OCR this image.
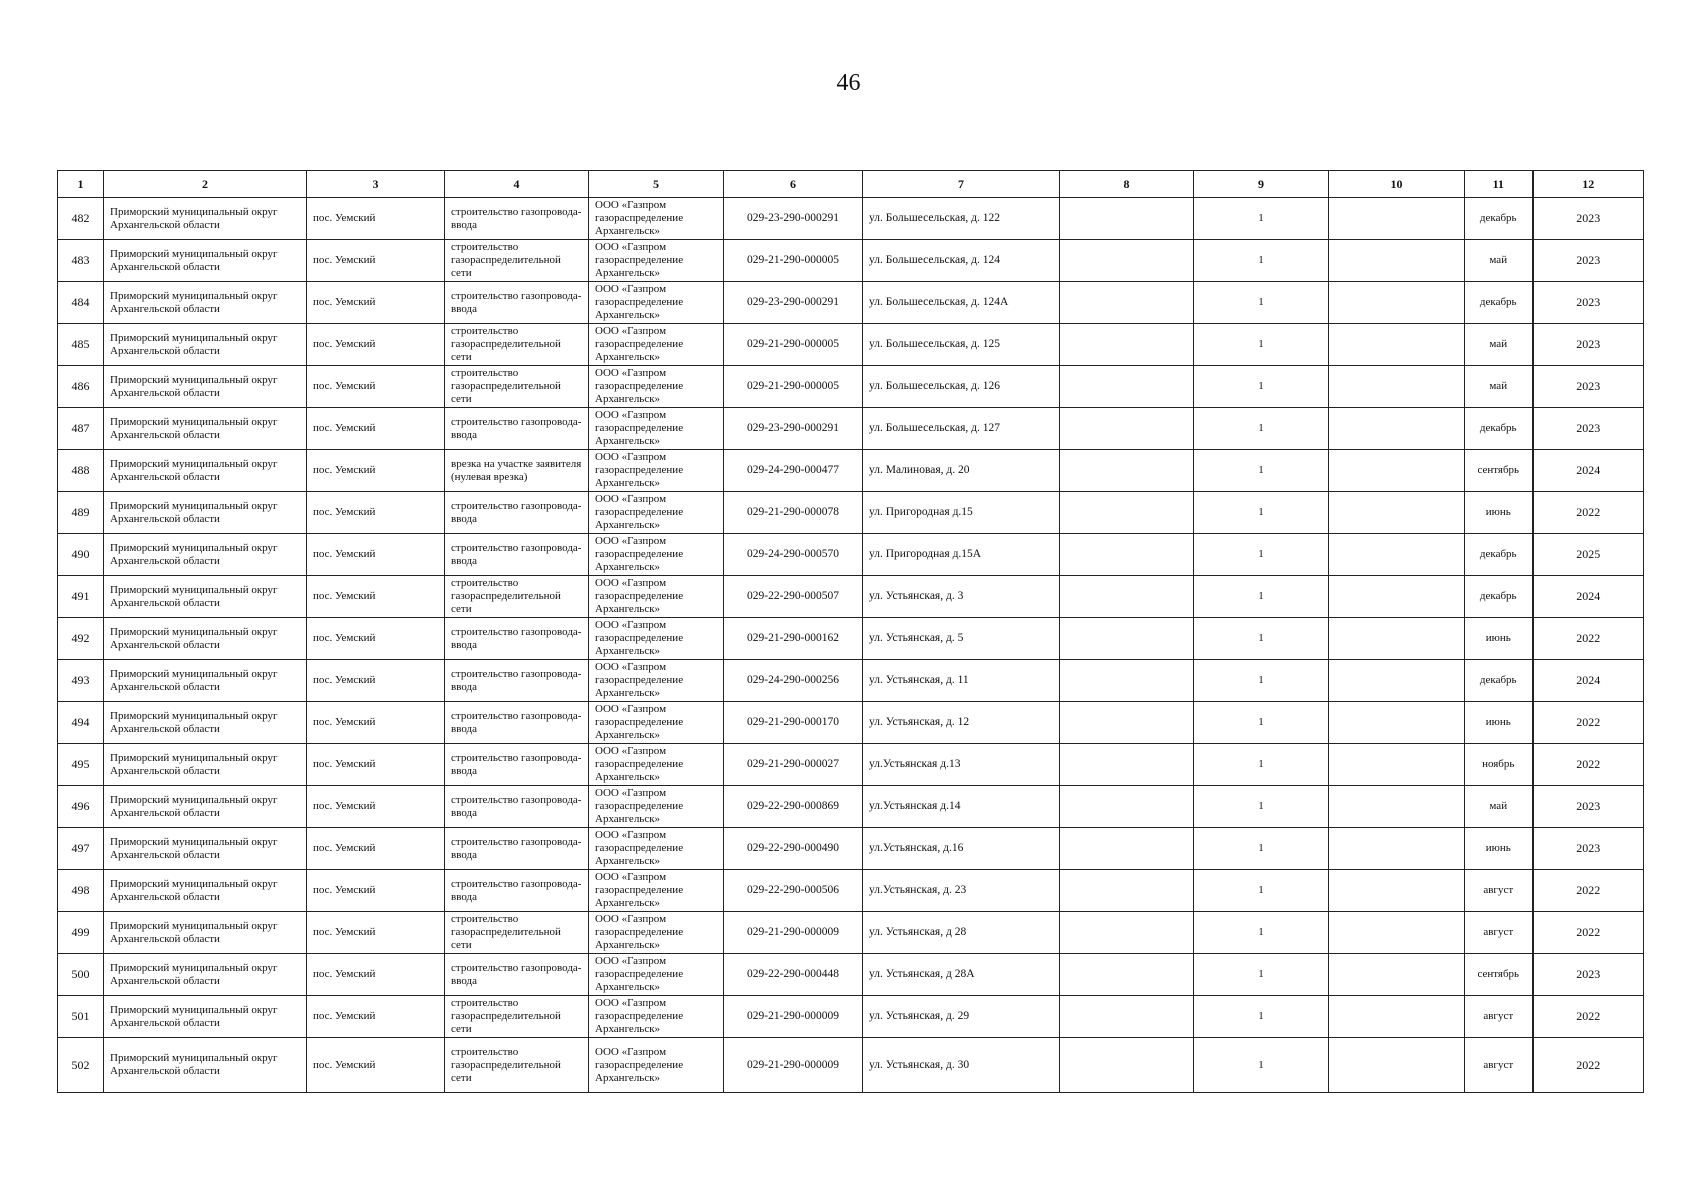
46
1	2	3	4	5	6	7	8	9	10	11	12
482	Приморский муниципальный округ Архангельской области	пос. Уемский	строительство газопровода-ввода	ООО «Газпром газораспределение Архангельск»	029-23-290-000291	ул. Большесельская, д. 122		1		декабрь	2023
483	Приморский муниципальный округ Архангельской области	пос. Уемский	строительство газораспределительной сети	ООО «Газпром газораспределение Архангельск»	029-21-290-000005	ул. Большесельская, д. 124		1		май	2023
484	Приморский муниципальный округ Архангельской области	пос. Уемский	строительство газопровода-ввода	ООО «Газпром газораспределение Архангельск»	029-23-290-000291	ул. Большесельская, д. 124А		1		декабрь	2023
485	Приморский муниципальный округ Архангельской области	пос. Уемский	строительство газораспределительной сети	ООО «Газпром газораспределение Архангельск»	029-21-290-000005	ул. Большесельская, д. 125		1		май	2023
486	Приморский муниципальный округ Архангельской области	пос. Уемский	строительство газораспределительной сети	ООО «Газпром газораспределение Архангельск»	029-21-290-000005	ул. Большесельская, д. 126		1		май	2023
487	Приморский муниципальный округ Архангельской области	пос. Уемский	строительство газопровода-ввода	ООО «Газпром газораспределение Архангельск»	029-23-290-000291	ул. Большесельская, д. 127		1		декабрь	2023
488	Приморский муниципальный округ Архангельской области	пос. Уемский	врезка на участке заявителя (нулевая врезка)	ООО «Газпром газораспределение Архангельск»	029-24-290-000477	ул. Малиновая, д. 20		1		сентябрь	2024
489	Приморский муниципальный округ Архангельской области	пос. Уемский	строительство газопровода-ввода	ООО «Газпром газораспределение Архангельск»	029-21-290-000078	ул. Пригородная д.15		1		июнь	2022
490	Приморский муниципальный округ Архангельской области	пос. Уемский	строительство газопровода-ввода	ООО «Газпром газораспределение Архангельск»	029-24-290-000570	ул. Пригородная д.15А		1		декабрь	2025
491	Приморский муниципальный округ Архангельской области	пос. Уемский	строительство газораспределительной сети	ООО «Газпром газораспределение Архангельск»	029-22-290-000507	ул. Устьянская, д. 3		1		декабрь	2024
492	Приморский муниципальный округ Архангельской области	пос. Уемский	строительство газопровода-ввода	ООО «Газпром газораспределение Архангельск»	029-21-290-000162	ул. Устьянская, д. 5		1		июнь	2022
493	Приморский муниципальный округ Архангельской области	пос. Уемский	строительство газопровода-ввода	ООО «Газпром газораспределение Архангельск»	029-24-290-000256	ул. Устьянская, д. 11		1		декабрь	2024
494	Приморский муниципальный округ Архангельской области	пос. Уемский	строительство газопровода-ввода	ООО «Газпром газораспределение Архангельск»	029-21-290-000170	ул. Устьянская, д. 12		1		июнь	2022
495	Приморский муниципальный округ Архангельской области	пос. Уемский	строительство газопровода-ввода	ООО «Газпром газораспределение Архангельск»	029-21-290-000027	ул.Устьянская д.13		1		ноябрь	2022
496	Приморский муниципальный округ Архангельской области	пос. Уемский	строительство газопровода-ввода	ООО «Газпром газораспределение Архангельск»	029-22-290-000869	ул.Устьянская д.14		1		май	2023
497	Приморский муниципальный округ Архангельской области	пос. Уемский	строительство газопровода-ввода	ООО «Газпром газораспределение Архангельск»	029-22-290-000490	ул.Устьянская, д.16		1		июнь	2023
498	Приморский муниципальный округ Архангельской области	пос. Уемский	строительство газопровода-ввода	ООО «Газпром газораспределение Архангельск»	029-22-290-000506	ул.Устьянская, д. 23		1		август	2022
499	Приморский муниципальный округ Архангельской области	пос. Уемский	строительство газораспределительной сети	ООО «Газпром газораспределение Архангельск»	029-21-290-000009	ул. Устьянская, д 28		1		август	2022
500	Приморский муниципальный округ Архангельской области	пос. Уемский	строительство газопровода-ввода	ООО «Газпром газораспределение Архангельск»	029-22-290-000448	ул. Устьянская, д 28А		1		сентябрь	2023
501	Приморский муниципальный округ Архангельской области	пос. Уемский	строительство газораспределительной сети	ООО «Газпром газораспределение Архангельск»	029-21-290-000009	ул. Устьянская, д. 29		1		август	2022
502	Приморский муниципальный округ Архангельской области	пос. Уемский	строительство газораспределительной сети	ООО «Газпром газораспределение Архангельск»	029-21-290-000009	ул. Устьянская, д. 30		1		август	2022
